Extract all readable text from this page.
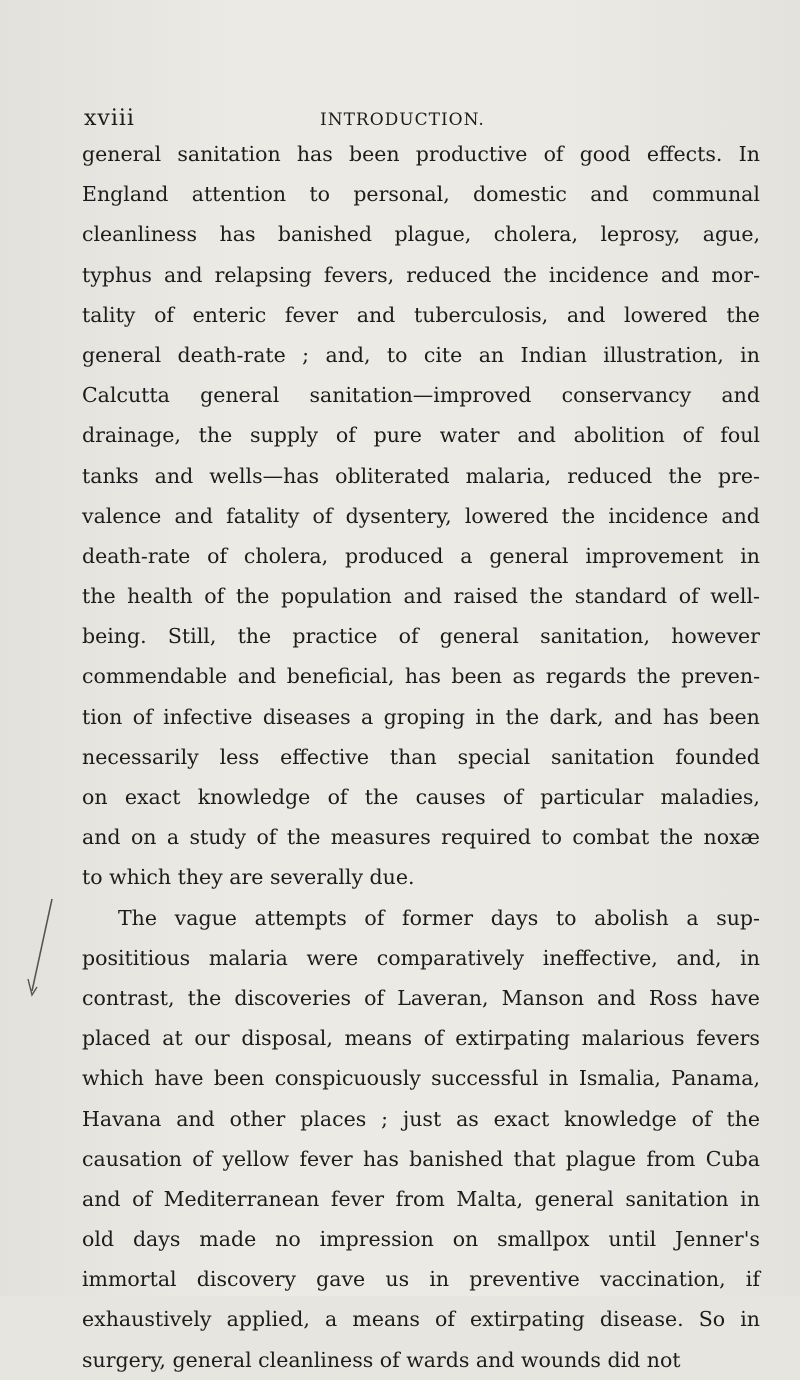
xviii	INTRODUCTION.
general sanitation has been productive of good effects. In
England attention to personal, domestic and communal
cleanliness has banished plague, cholera, leprosy, ague,
typhus and relapsing fevers, reduced the incidence and mor-
tality of enteric fever and tuberculosis, and lowered the
general death-rate ; and, to cite an Indian illustration, in
Calcutta general sanitation—improved conservancy and
drainage, the supply of pure water and abolition of foul
tanks and wells—has obliterated malaria, reduced the pre-
valence and fatality of dysentery, lowered the incidence and
death-rate of cholera, produced a general improvement in
the health of the population and raised the standard of well-
being. Still, the practice of general sanitation, however
commendable and beneficial, has been as regards the preven-
tion of infective diseases a groping in the dark, and has been
necessarily less effective than special sanitation founded
on exact knowledge of the causes of particular maladies,
and on a study of the measures required to combat the noxæ
to which they are severally due.
The vague attempts of former days to abolish a sup-
posititious malaria were comparatively ineffective, and, in
contrast, the discoveries of Laveran, Manson and Ross have
placed at our disposal, means of extirpating malarious fevers
which have been conspicuously successful in Ismalia, Panama,
Havana and other places ; just as exact knowledge of the
causation of yellow fever has banished that plague from Cuba
and of Mediterranean fever from Malta, general sanitation in
old days made no impression on smallpox until Jenner's
immortal discovery gave us in preventive vaccination, if
exhaustively applied, a means of extirpating disease. So in
surgery, general cleanliness of wards and wounds did not
